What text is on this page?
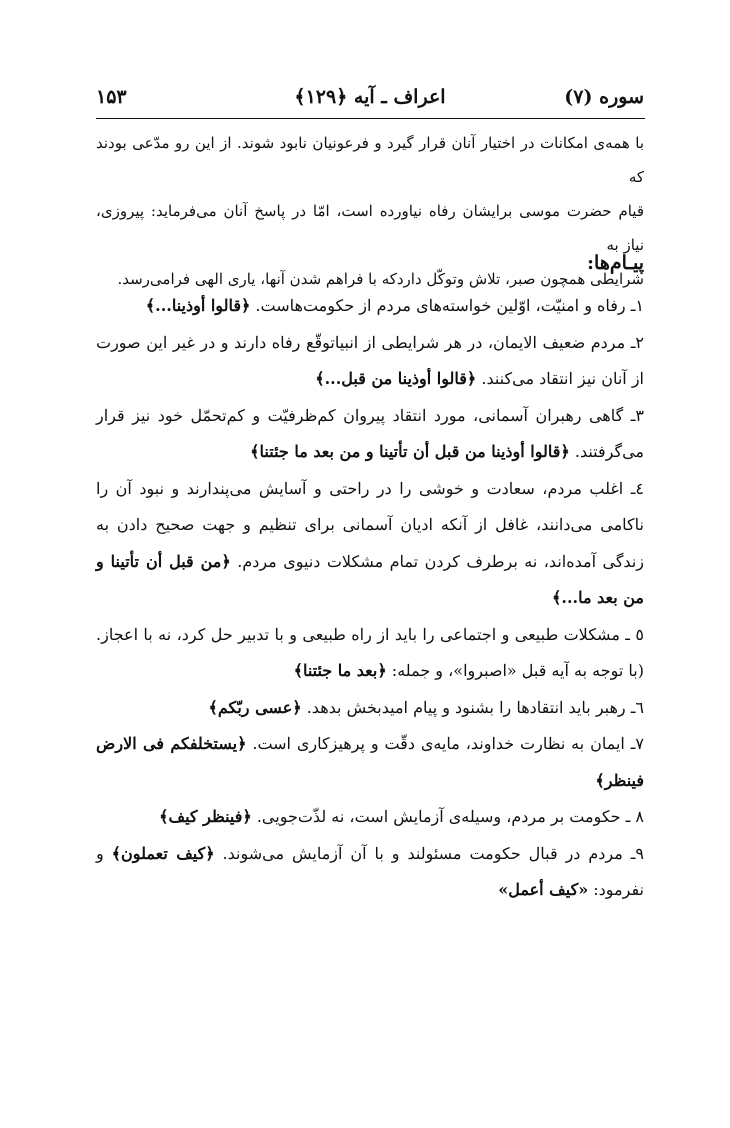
سوره (۷)
اعراف ـ آیه ﴿۱۲۹﴾
۱۵۳

با همه‌ی امکانات در اختیار آنان قرار گیرد و فرعونیان نابود شوند. از این رو مدّعی بودند که

قیام حضرت موسی برایشان رفاه نیاورده است، امّا در پاسخ آنان می‌فرماید: پیروزی، نیاز به

شرایطی همچون صبر، تلاش وتوکّل داردکه با فراهم شدن آنها، یاری الهی فرامی‌رسد.

پیـام‌ها:

۱ـ رفاه و امنیّت، اوّلین خواسته‌های مردم از حکومت‌هاست. ﴿قالوا أوذینا...﴾

۲ـ مردم ضعیف الایمان، در هر شرایطی از انبیاتوقّع رفاه دارند و در غیر این صورت از آنان نیز انتقاد می‌کنند. ﴿قالوا أوذینا من قبل...﴾

۳ـ گاهی رهبران آسمانی، مورد انتقاد پیروان کم‌ظرفیّت و کم‌تحمّل خود نیز قرار می‌گرفتند. ﴿قالوا أوذینا من قبل أن تأتینا و من بعد ما جئتنا﴾

٤ـ اغلب مردم، سعادت و خوشی را در راحتی و آسایش می‌پندارند و نبود آن را ناکامی می‌دانند، غافل از آنکه ادیان آسمانی برای تنظیم و جهت صحیح دادن به زندگی آمده‌اند، نه برطرف کردن تمام مشکلات دنیوی مردم. ﴿من قبل أن تأتینا و من بعد ما...﴾

٥ ـ مشکلات طبیعی و اجتماعی را باید از راه طبیعی و با تدبیر حل کرد، نه با اعجاز. (با توجه به آیه قبل «اصبروا»، و جمله: ﴿بعد ما جئتنا﴾

٦ـ رهبر باید انتقادها را بشنود و پیام امیدبخش بدهد. ﴿عسی ربّکم﴾

۷ـ ایمان به نظارت خداوند، مایه‌ی دقّت و پرهیزکاری است. ﴿یستخلفکم فی الارض فینظر﴾

۸ ـ حکومت بر مردم، وسیله‌ی آزمایش است، نه لذّت‌جویی. ﴿فینظر کیف﴾

۹ـ مردم در قبال حکومت مسئولند و با آن آزمایش می‌شوند. ﴿کیف تعملون﴾ و نفرمود: «کیف أعمل»
